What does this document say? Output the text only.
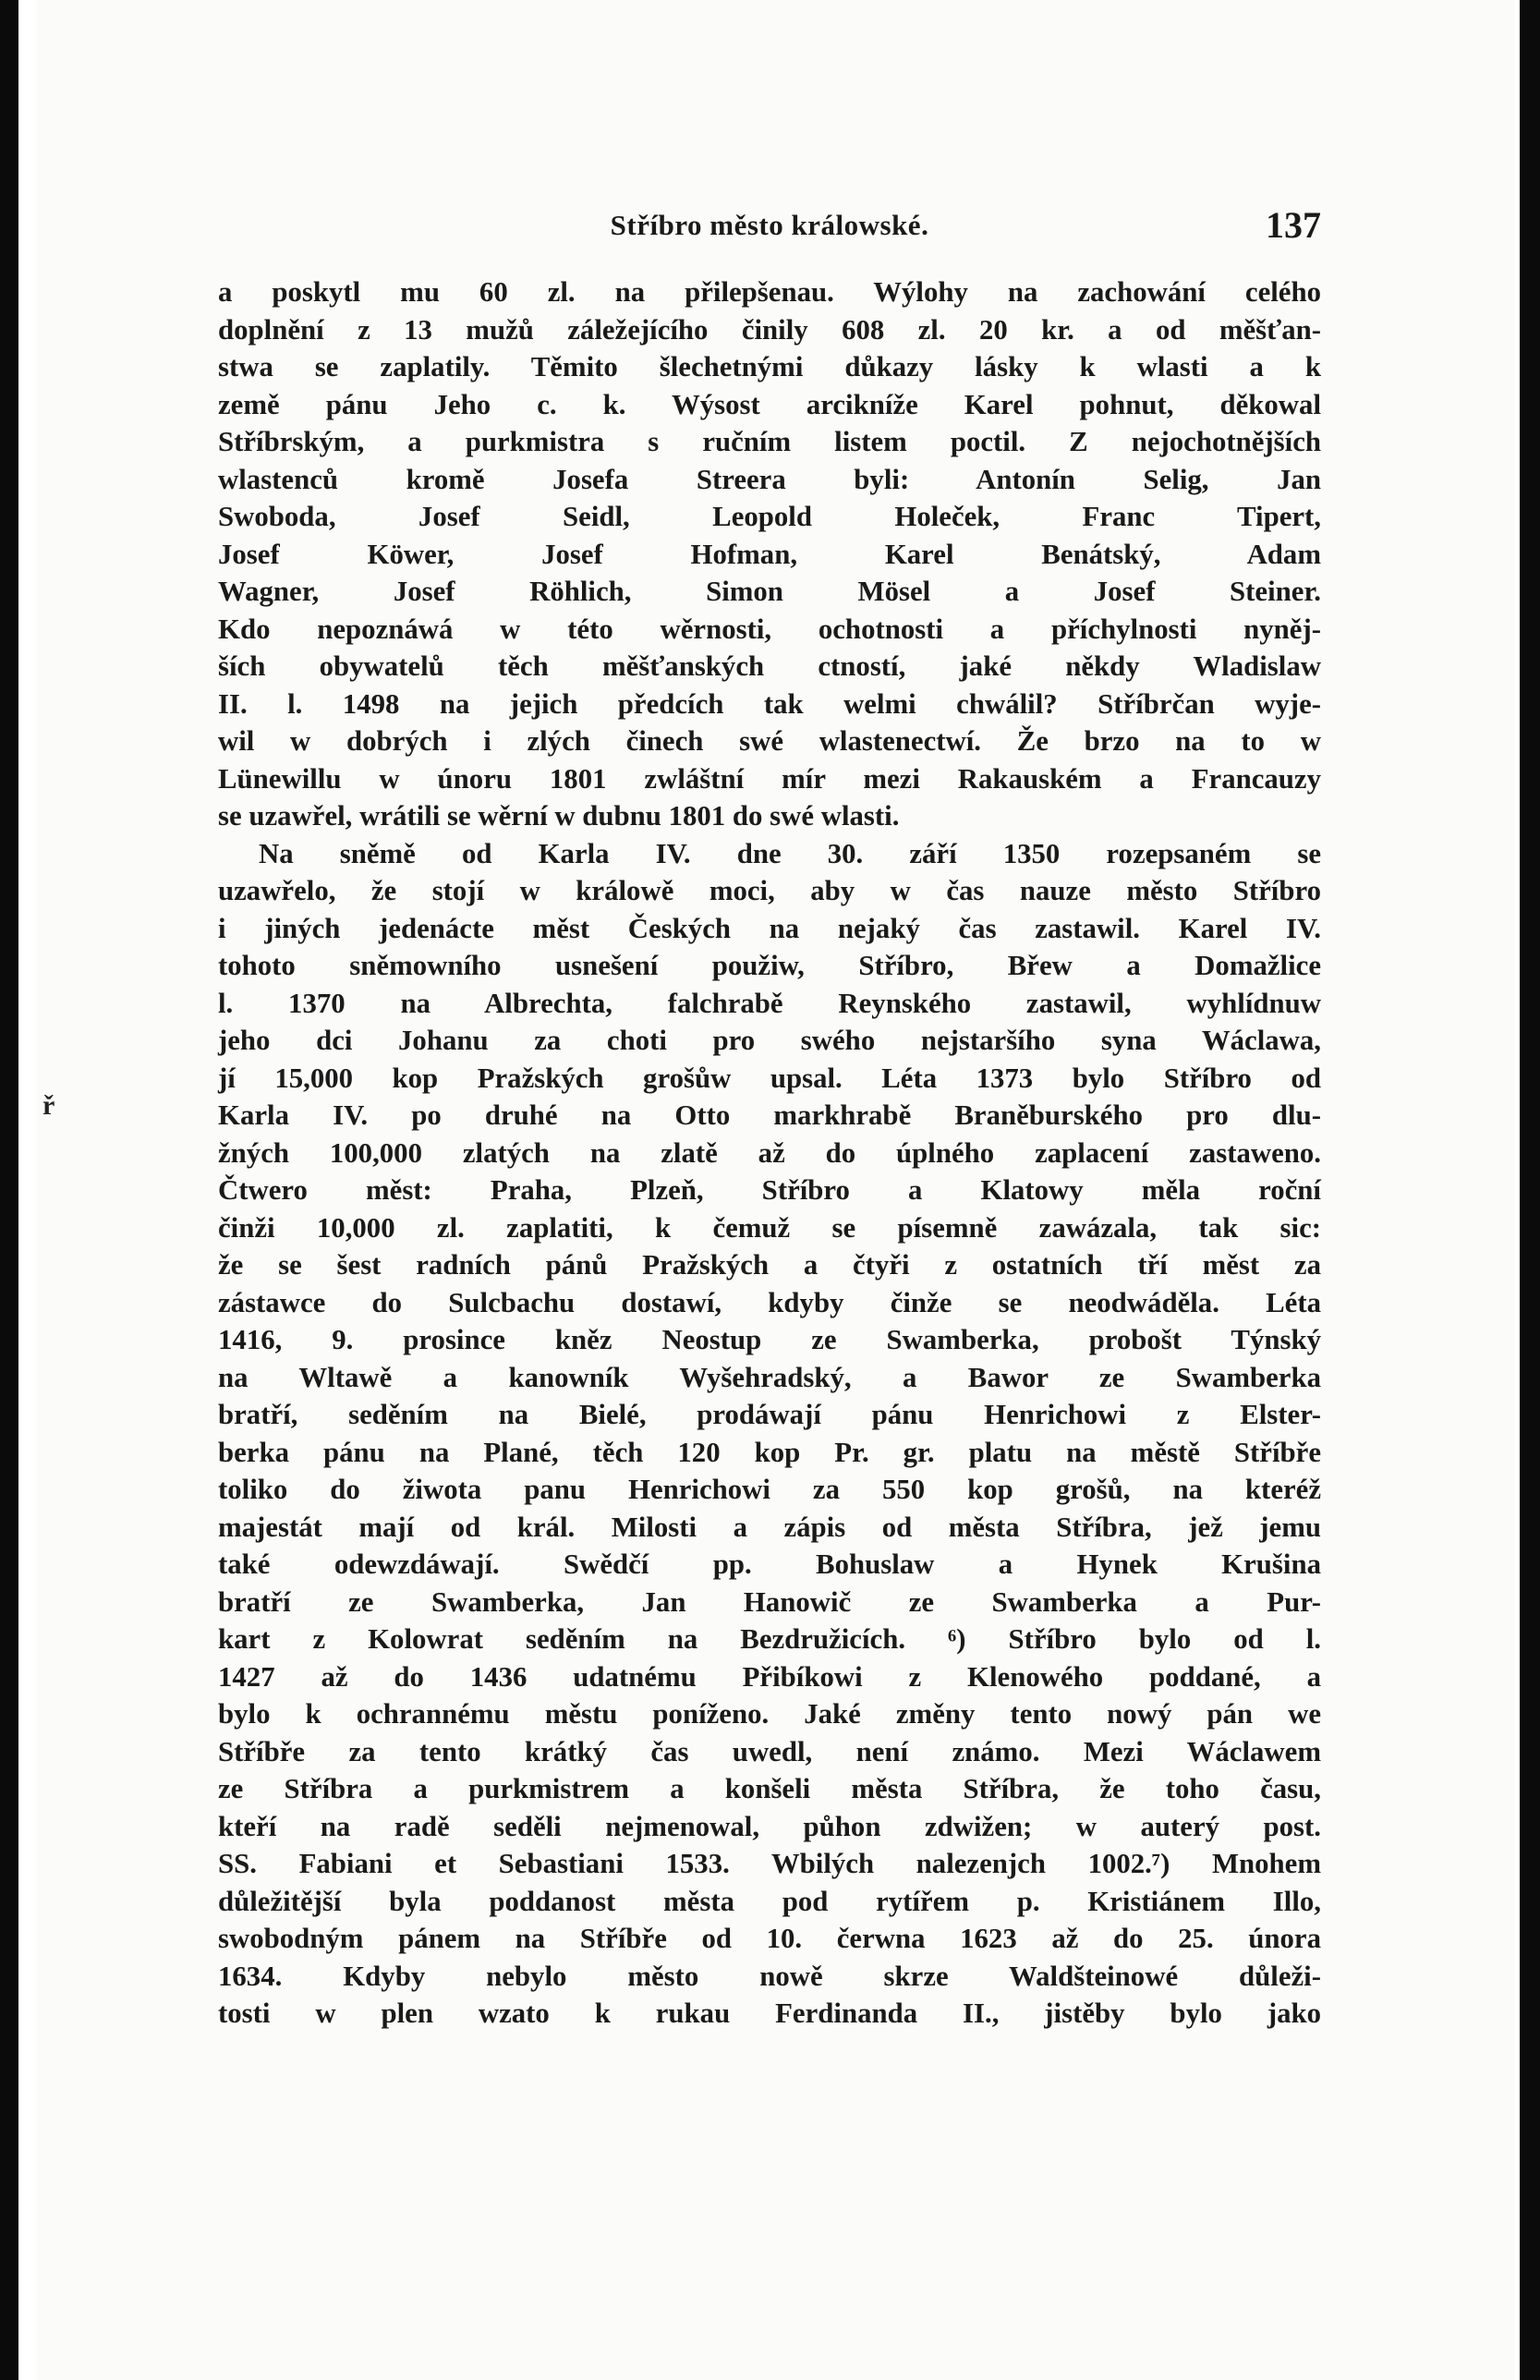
ř
Stříbro město králowské.	137
a poskytl mu 60 zl. na přilepšenau. Wýlohy na zachowání celého
doplnění z 13 mužů záležejícího činily 608 zl. 20 kr. a od měšťan-
stwa se zaplatily. Těmito šlechetnými důkazy lásky k wlasti a k
země pánu Jeho c. k. Wýsost arcikníže Karel pohnut, děkowal
Stříbrským, a purkmistra s ručním listem poctil. Z nejochotnějších
wlastenců kromě Josefa Streera byli: Antonín Selig, Jan
Swoboda, Josef Seidl, Leopold Holeček, Franc Tipert,
Josef Köwer, Josef Hofman, Karel Benátský, Adam
Wagner, Josef Röhlich, Simon Mösel a Josef Steiner.
Kdo nepoznáwá w této wěrnosti, ochotnosti a příchylnosti nyněj-
ších obywatelů těch měšťanských ctností, jaké někdy Wladislaw
II. l. 1498 na jejich předcích tak welmi chwálil? Stříbrčan wyje-
wil w dobrých i zlých činech swé wlastenectwí. Že brzo na to w
Lünewillu w únoru 1801 zwláštní mír mezi Rakauském a Francauzy
se uzawřel, wrátili se wěrní w dubnu 1801 do swé wlasti.
Na sněmě od Karla IV. dne 30. září 1350 rozepsaném se
uzawřelo, že stojí w králowě moci, aby w čas nauze město Stříbro
i jiných jedenácte měst Českých na nejaký čas zastawil. Karel IV.
tohoto sněmowního usnešení použiw, Stříbro, Břew a Domažlice
l. 1370 na Albrechta, falchrabě Reynského zastawil, wyhlídnuw
jeho dci Johanu za choti pro swého nejstaršího syna Wáclawa,
jí 15,000 kop Pražských grošůw upsal. Léta 1373 bylo Stříbro od
Karla IV. po druhé na Otto markhrabě Braněburského pro dlu-
žných 100,000 zlatých na zlatě až do úplného zaplacení zastaweno.
Čtwero měst: Praha, Plzeň, Stříbro a Klatowy měla roční
činži 10,000 zl. zaplatiti, k čemuž se písemně zawázala, tak sic:
že se šest radních pánů Pražských a čtyři z ostatních tří měst za
zástawce do Sulcbachu dostawí, kdyby činže se neodwáděla. Léta
1416, 9. prosince kněz Neostup ze Swamberka, probošt Týnský
na Wltawě a kanowník Wyšehradský, a Bawor ze Swamberka
bratří, seděním na Bielé, prodáwají pánu Henrichowi z Elster-
berka pánu na Plané, těch 120 kop Pr. gr. platu na městě Stříbře
toliko do žiwota panu Henrichowi za 550 kop grošů, na kteréž
majestát mají od král. Milosti a zápis od města Stříbra, jež jemu
také odewzdáwají. Swědčí pp. Bohuslaw a Hynek Krušina
bratří ze Swamberka, Jan Hanowič ze Swamberka a Pur-
kart z Kolowrat seděním na Bezdružicích. ⁶) Stříbro bylo od l.
1427 až do 1436 udatnému Přibíkowi z Klenowého poddané, a
bylo k ochrannému městu poníženo. Jaké změny tento nowý pán we
Stříbře za tento krátký čas uwedl, není známo. Mezi Wáclawem
ze Stříbra a purkmistrem a konšeli města Stříbra, že toho času,
kteří na radě seděli nejmenowal, půhon zdwižen; w auterý post.
SS. Fabiani et Sebastiani 1533. Wbilých nalezenjch 1002.⁷) Mnohem
důležitější byla poddanost města pod rytířem p. Kristiánem Illo,
swobodným pánem na Stříbře od 10. čerwna 1623 až do 25. února
1634. Kdyby nebylo město nowě skrze Waldšteinowé důleži-
tosti w plen wzato k rukau Ferdinanda II., jistěby bylo jako
